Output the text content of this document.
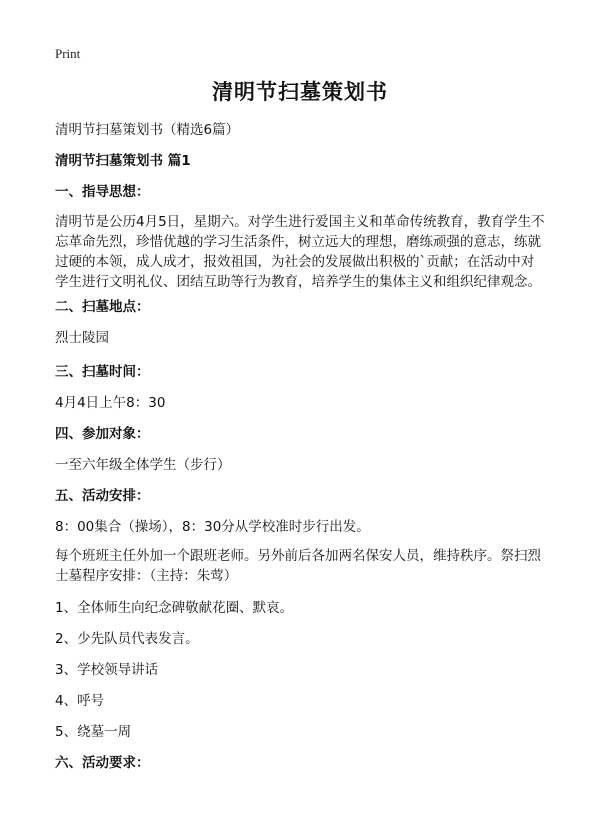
Print
清明节扫墓策划书
清明节扫墓策划书（精选6篇）
清明节扫墓策划书 篇1
一、指导思想：
清明节是公历4月5日，星期六。对学生进行爱国主义和革命传统教育，教育学生不
忘革命先烈，珍惜优越的学习生活条件，树立远大的理想，磨练顽强的意志，练就
过硬的本领，成人成才，报效祖国，为社会的发展做出积极的`贡献；在活动中对
学生进行文明礼仪、团结互助等行为教育，培养学生的集体主义和组织纪律观念。
二、扫墓地点：
烈士陵园
三、扫墓时间：
4月4日上午8：30
四、参加对象：
一至六年级全体学生（步行）
五、活动安排：
8：00集合（操场），8：30分从学校准时步行出发。
每个班班主任外加一个跟班老师。另外前后各加两名保安人员，维持秩序。祭扫烈
士墓程序安排：（主持：朱莺）
1、全体师生向纪念碑敬献花圈、默哀。
2、少先队员代表发言。
3、学校领导讲话
4、呼号
5、绕墓一周
六、活动要求：
